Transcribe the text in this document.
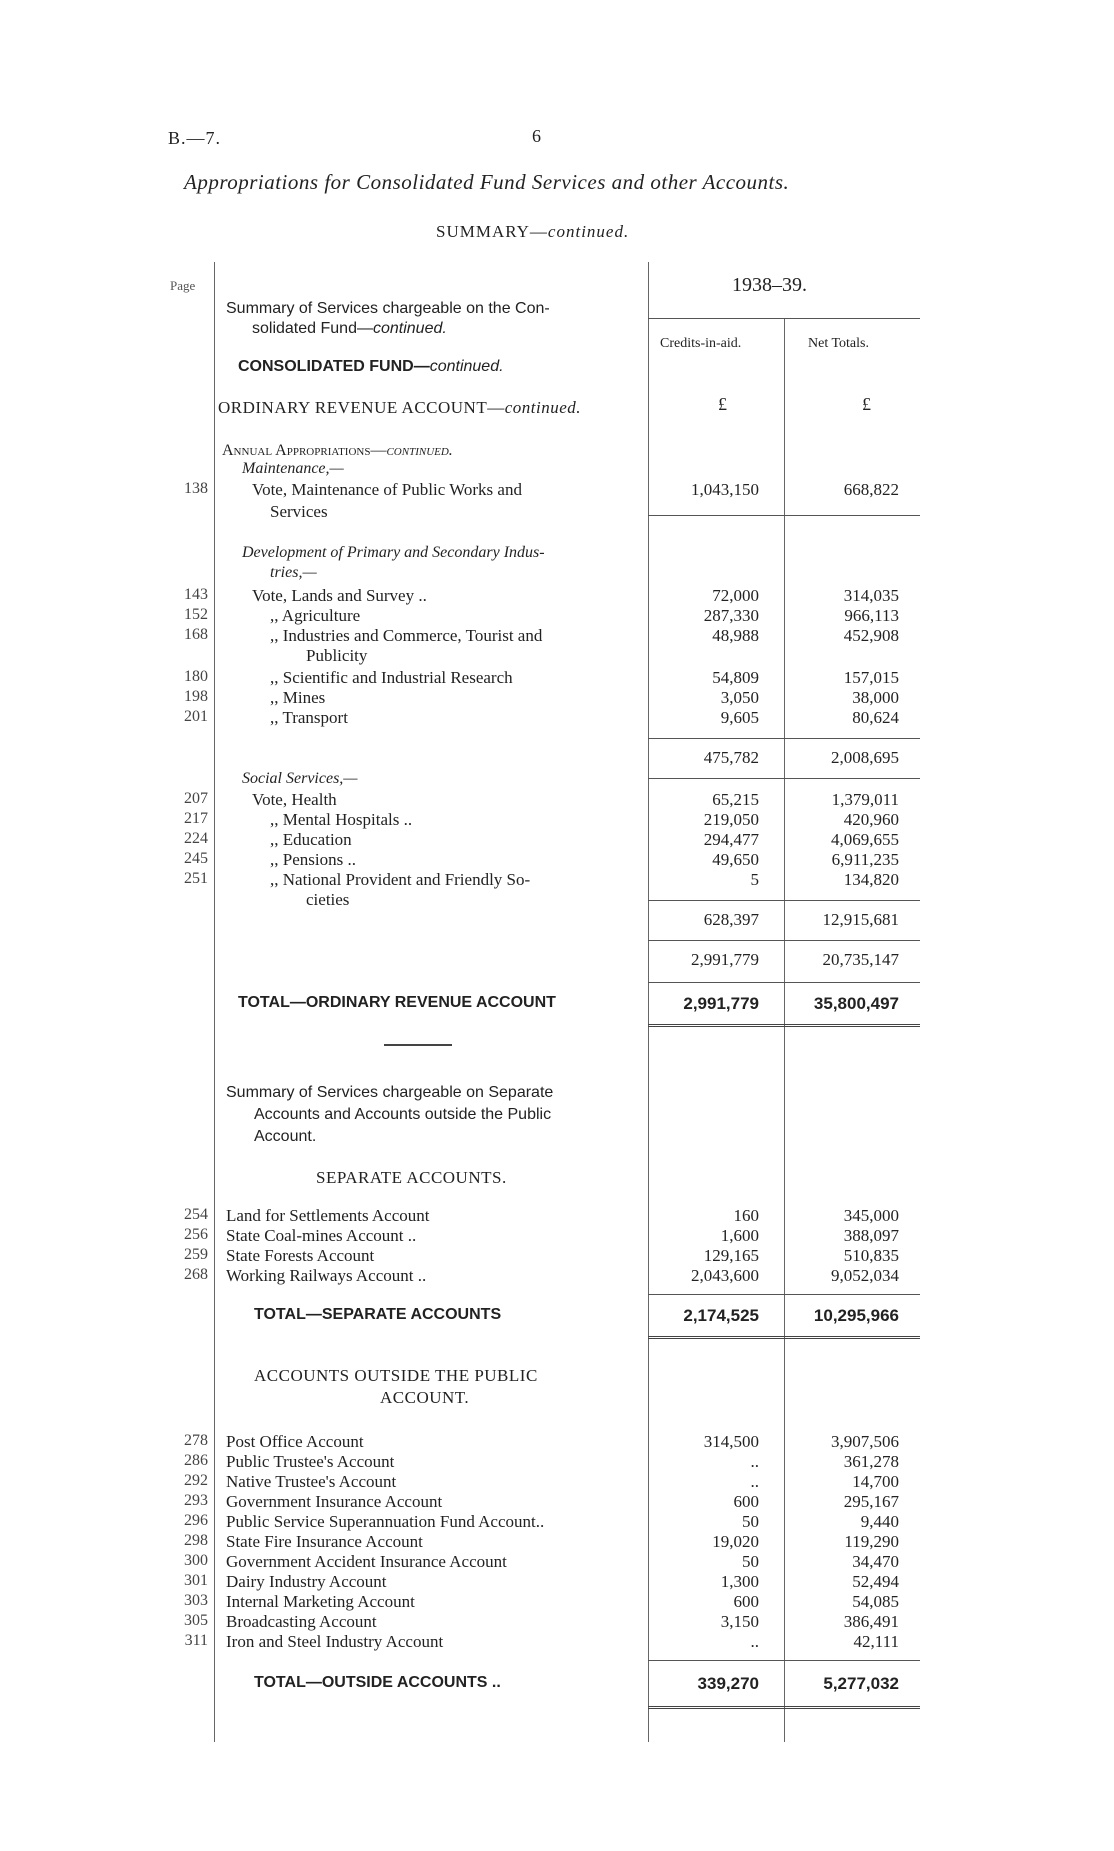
B.—7.	6
Appropriations for Consolidated Fund Services and other Accounts.
SUMMARY—continued.
Page	1938–39.
Credits-in-aid.	Net Totals.
£	£
Summary of Services chargeable on the Con-
solidated Fund—continued.
CONSOLIDATED FUND—continued.
ORDINARY REVENUE ACCOUNT—continued.
Annual Appropriations—continued.
Maintenance,—
138	Vote, Maintenance of Public Works and
Services
1,043,150	668,822
Development of Primary and Secondary Indus-
tries,—
143	Vote, Lands and Survey ..	72,000	314,035
152	,, Agriculture	287,330	966,113
168	,, Industries and Commerce, Tourist and
Publicity
48,988	452,908
180	,, Scientific and Industrial Research	54,809	157,015
198	,, Mines	3,050	38,000
201	,, Transport	9,605	80,624
475,782	2,008,695
Social Services,—
207	Vote, Health	65,215	1,379,011
217	,, Mental Hospitals ..	219,050	420,960
224	,, Education	294,477	4,069,655
245	,, Pensions ..	49,650	6,911,235
251	,, National Provident and Friendly So-
cieties
5	134,820
628,397	12,915,681
2,991,779	20,735,147
TOTAL—ORDINARY REVENUE ACCOUNT	2,991,779	35,800,497
Summary of Services chargeable on Separate
Accounts and Accounts outside the Public
Account.
SEPARATE ACCOUNTS.
254 Land for Settlements Account	160	345,000
256 State Coal-mines Account ..	1,600	388,097
259 State Forests Account	129,165	510,835
268 Working Railways Account ..	2,043,600	9,052,034
TOTAL—SEPARATE ACCOUNTS	2,174,525	10,295,966
ACCOUNTS OUTSIDE THE PUBLIC
ACCOUNT.
278 Post Office Account	314,500	3,907,506
286 Public Trustee's Account	..	361,278
292 Native Trustee's Account	..	14,700
293 Government Insurance Account	600	295,167
296 Public Service Superannuation Fund Account..	50	9,440
298 State Fire Insurance Account	19,020	119,290
300 Government Accident Insurance Account	50	34,470
301 Dairy Industry Account	1,300	52,494
303 Internal Marketing Account	600	54,085
305 Broadcasting Account	3,150	386,491
311 Iron and Steel Industry Account	..	42,111
TOTAL—OUTSIDE ACCOUNTS ..	339,270	5,277,032
